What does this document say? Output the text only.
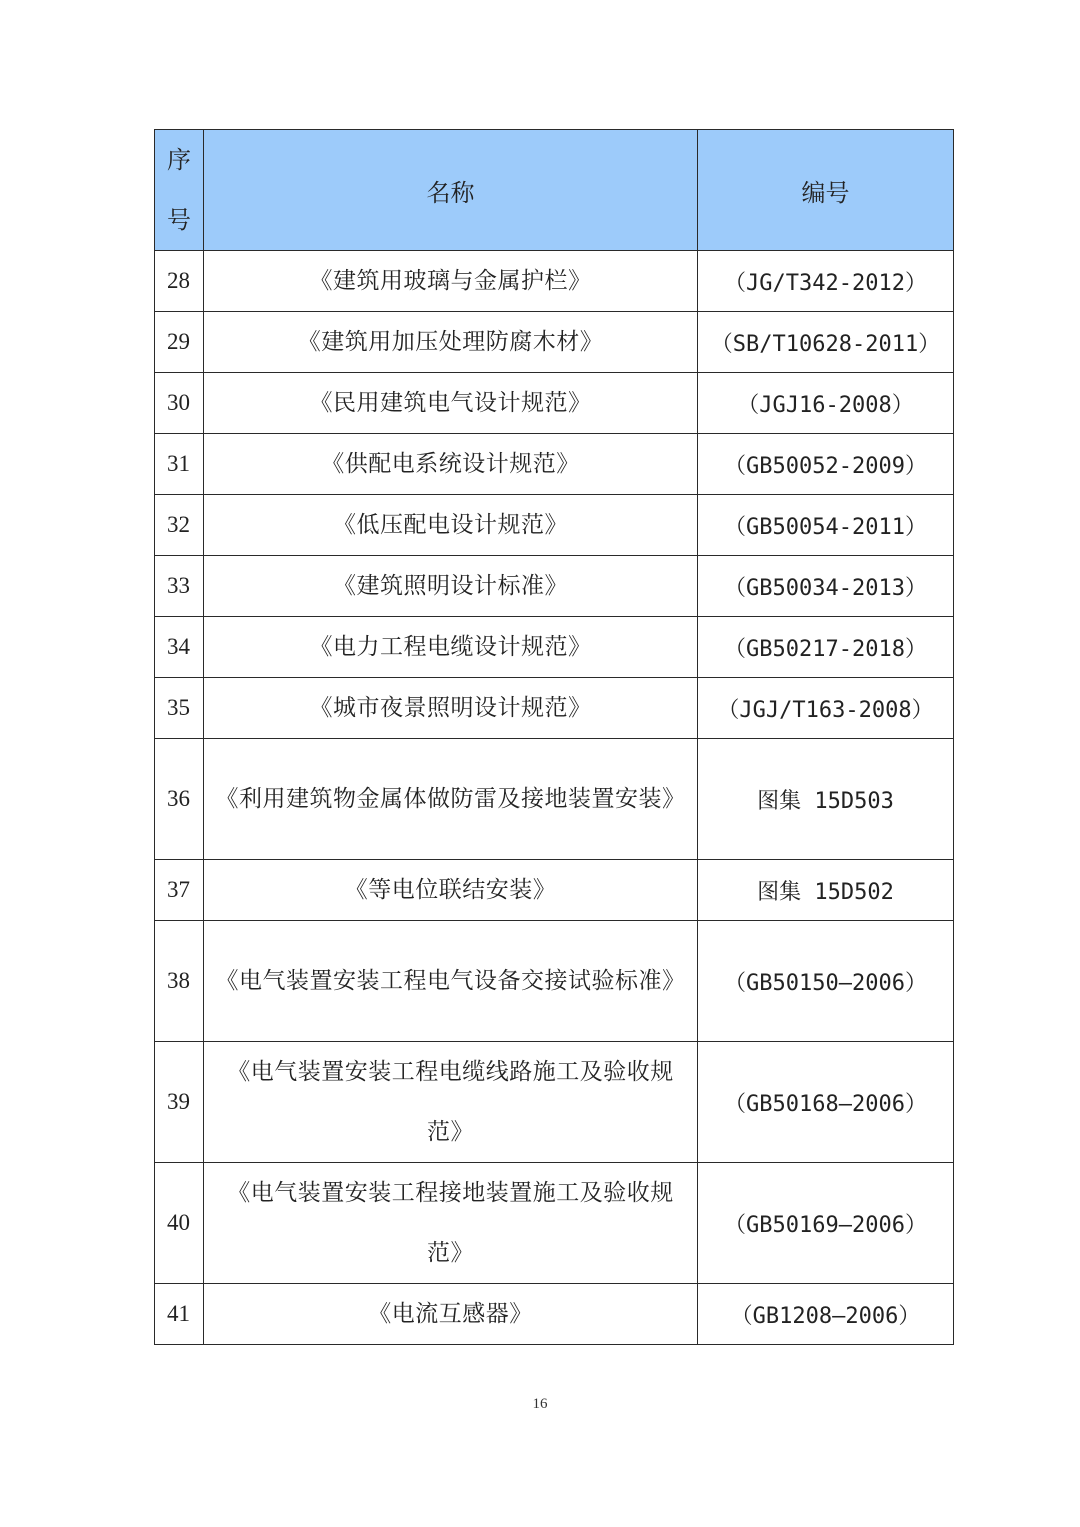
序号	名称	编号
28	《建筑用玻璃与金属护栏》	（JG/T342-2012）
29	《建筑用加压处理防腐木材》	（SB/T10628-2011）
30	《民用建筑电气设计规范》	（JGJ16-2008）
31	《供配电系统设计规范》	（GB50052-2009）
32	《低压配电设计规范》	（GB50054-2011）
33	《建筑照明设计标准》	（GB50034-2013）
34	《电力工程电缆设计规范》	（GB50217-2018）
35	《城市夜景照明设计规范》	（JGJ/T163-2008）
36	《利用建筑物金属体做防雷及接地装置安装》	图集 15D503
37	《等电位联结安装》	图集 15D502
38	《电气装置安装工程电气设备交接试验标准》	（GB50150—2006）
39	《电气装置安装工程电缆线路施工及验收规范》	（GB50168—2006）
40	《电气装置安装工程接地装置施工及验收规范》	（GB50169—2006）
41	《电流互感器》	（GB1208—2006）
16
